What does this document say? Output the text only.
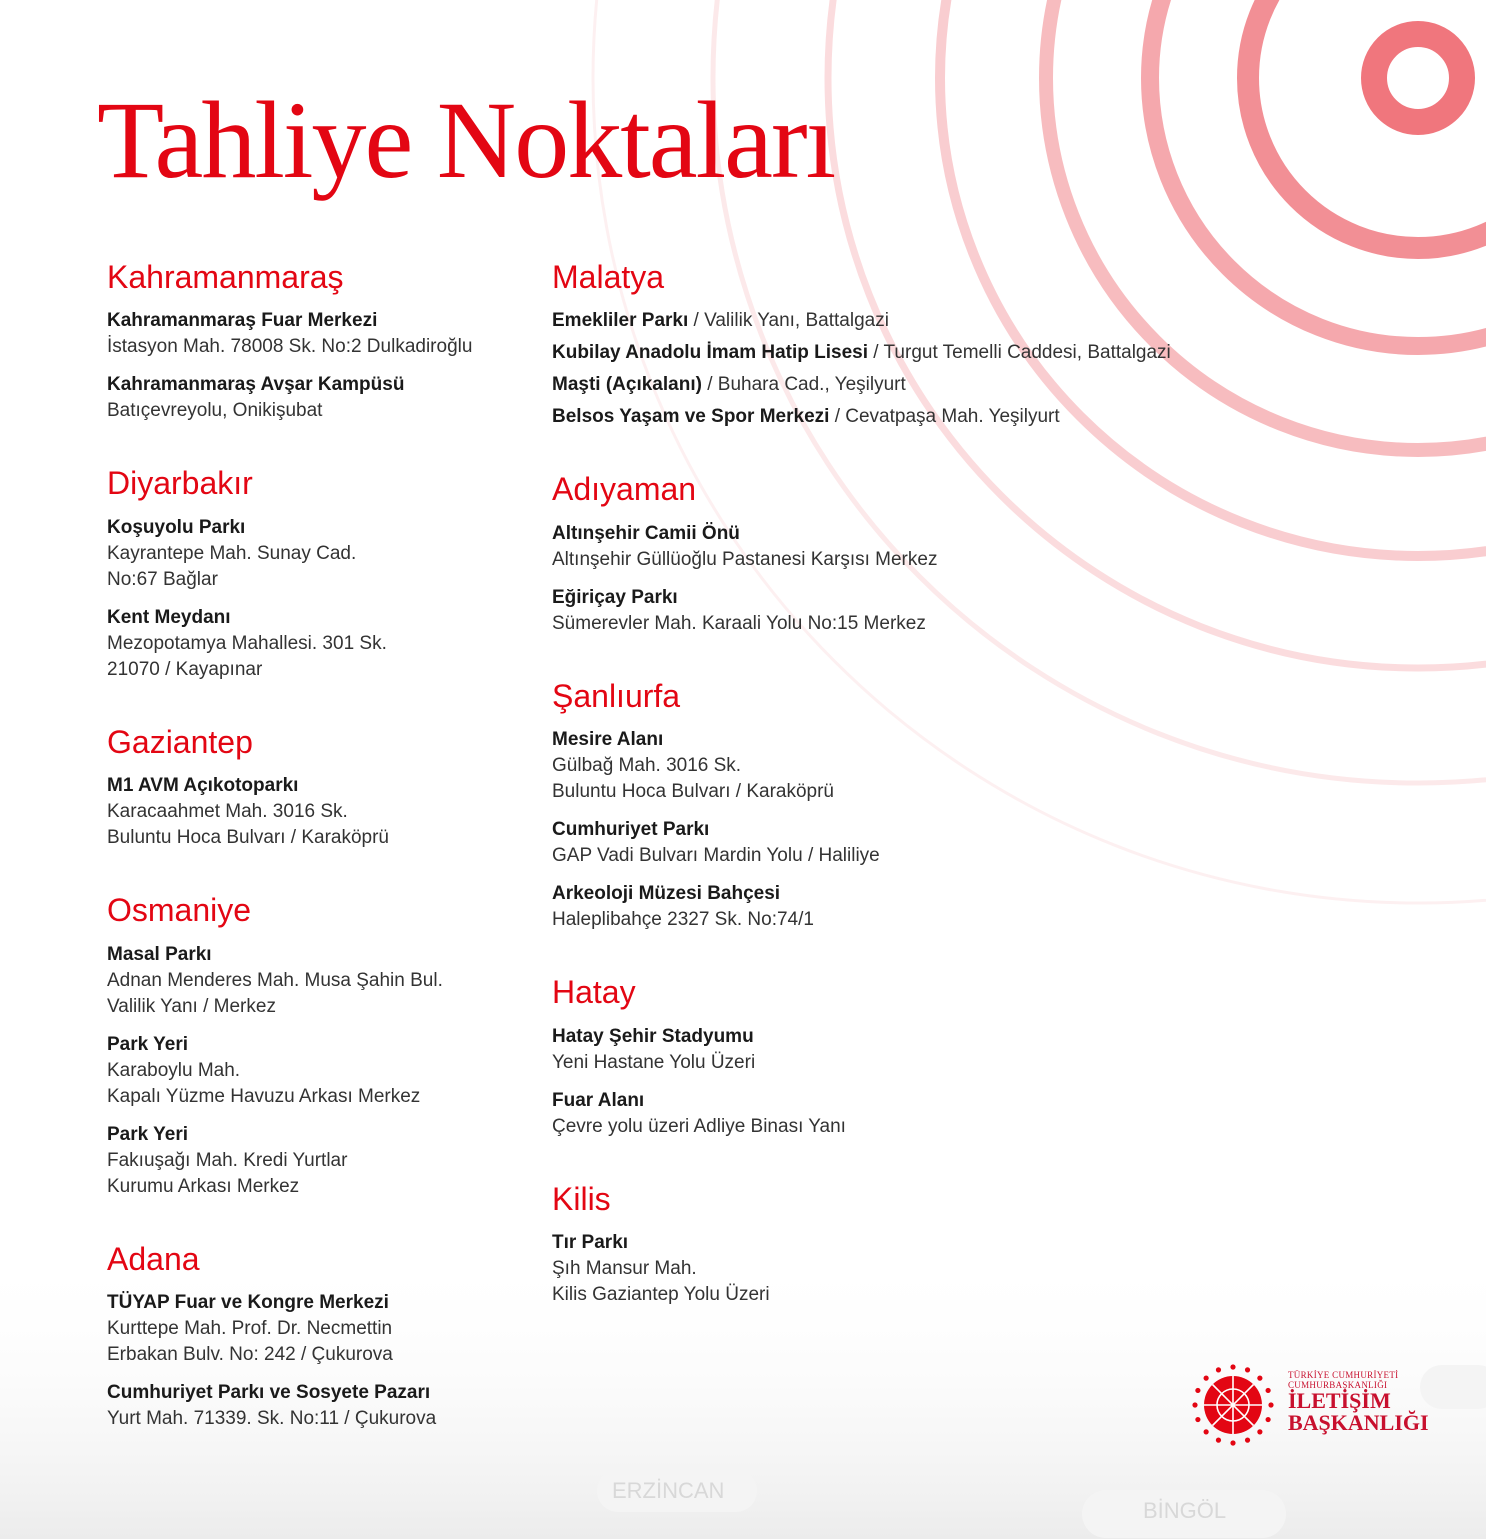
ERZİNCAN
BİNGÖL
Tahliye Noktaları
Kahramanmaraş
Kahramanmaraş Fuar Merkezi
İstasyon Mah. 78008 Sk. No:2 Dulkadiroğlu
Kahramanmaraş Avşar Kampüsü
Batıçevreyolu, Onikişubat
Diyarbakır
Koşuyolu Parkı
Kayrantepe Mah. Sunay Cad.
No:67 Bağlar
Kent Meydanı
Mezopotamya Mahallesi. 301 Sk.
21070 / Kayapınar
Gaziantep
M1 AVM Açıkotoparkı
Karacaahmet Mah. 3016 Sk.
Buluntu Hoca Bulvarı / Karaköprü
Osmaniye
Masal Parkı
Adnan Menderes Mah. Musa Şahin Bul.
Valilik Yanı / Merkez
Park Yeri
Karaboylu Mah.
Kapalı Yüzme Havuzu Arkası Merkez
Park Yeri
Fakıuşağı Mah. Kredi Yurtlar
Kurumu Arkası Merkez
Adana
TÜYAP Fuar ve Kongre Merkezi
Kurttepe Mah. Prof. Dr. Necmettin
Erbakan Bulv. No: 242 / Çukurova
Cumhuriyet Parkı ve Sosyete Pazarı
Yurt Mah. 71339. Sk. No:11 / Çukurova
Malatya
Emekliler Parkı / Valilik Yanı, Battalgazi
Kubilay Anadolu İmam Hatip Lisesi / Turgut Temelli Caddesi, Battalgazi
Maşti (Açıkalanı) / Buhara Cad., Yeşilyurt
Belsos Yaşam ve Spor Merkezi / Cevatpaşa Mah. Yeşilyurt
Adıyaman
Altınşehir Camii Önü
Altınşehir Güllüoğlu Pastanesi Karşısı Merkez
Eğiriçay Parkı
Sümerevler Mah. Karaali Yolu No:15 Merkez
Şanlıurfa
Mesire Alanı
Gülbağ Mah. 3016 Sk.
Buluntu Hoca Bulvarı / Karaköprü
Cumhuriyet Parkı
GAP Vadi Bulvarı Mardin Yolu / Haliliye
Arkeoloji Müzesi Bahçesi
Haleplibahçe 2327 Sk. No:74/1
Hatay
Hatay Şehir Stadyumu
Yeni Hastane Yolu Üzeri
Fuar Alanı
Çevre yolu üzeri Adliye Binası Yanı
Kilis
Tır Parkı
Şıh Mansur Mah.
Kilis Gaziantep Yolu Üzeri
TÜRKİYE CUMHURİYETİ
CUMHURBAŞKANLIĞI
İLETİŞİM
BAŞKANLIĞI
